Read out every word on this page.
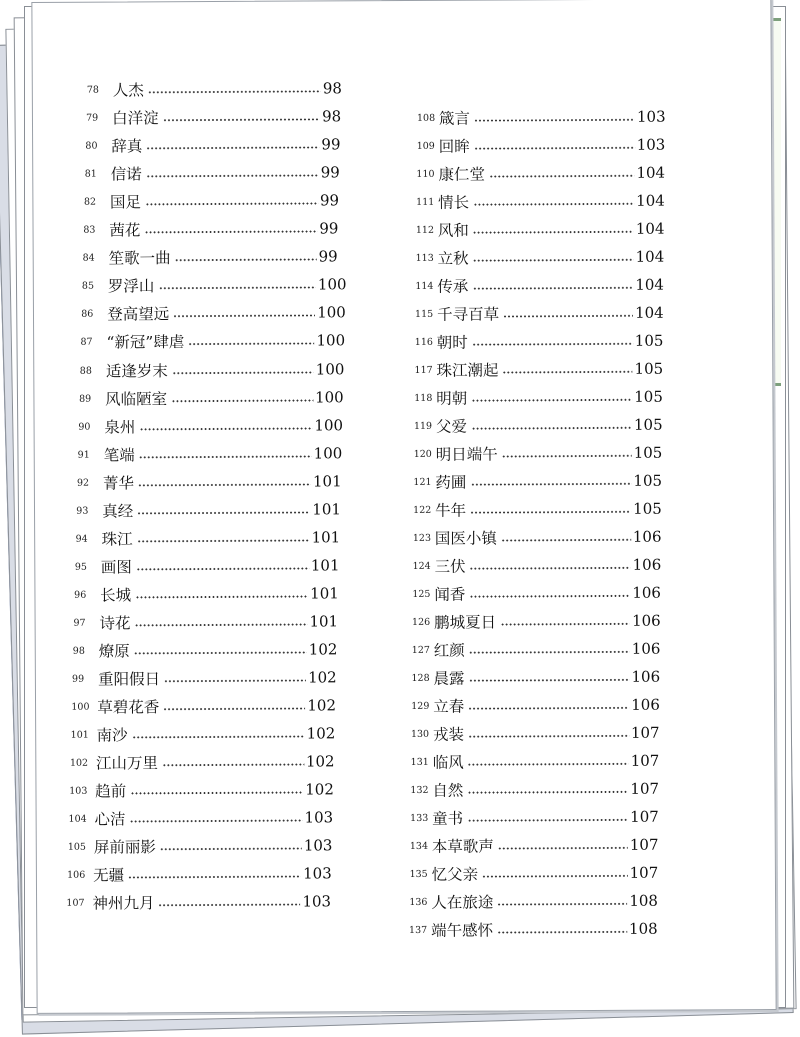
78 人杰	98
79 白洋淀	98
80 辞真	99
81 信诺	99
82 国足	99
83 茜花	99
84 笙歌一曲	99
85 罗浮山	100
86 登高望远	100
87 “新冠”肆虐	100
88 适逢岁末	100
89 风临陋室	100
90 泉州	100
91 笔端	100
92 菁华	101
93 真经	101
94 珠江	101
95 画图	101
96 长城	101
97 诗花	101
98 燎原	102
99 重阳假日	102
100 草碧花香	102
101 南沙	102
102 江山万里	102
103 趋前	102
104 心洁	103
105 屏前丽影	103
106 无疆	103
107 神州九月	103
108 箴言	103
109 回眸	103
110 康仁堂	104
111 情长	104
112 风和	104
113 立秋	104
114 传承	104
115 千寻百草	104
116 朝时	105
117 珠江潮起	105
118 明朝	105
119 父爱	105
120 明日端午	105
121 药圃	105
122 牛年	105
123 国医小镇	106
124 三伏	106
125 闻香	106
126 鹏城夏日	106
127 红颜	106
128 晨露	106
129 立春	106
130 戎装	107
131 临风	107
132 自然	107
133 童书	107
134 本草歌声	107
135 忆父亲	107
136 人在旅途	108
137 端午感怀	108
